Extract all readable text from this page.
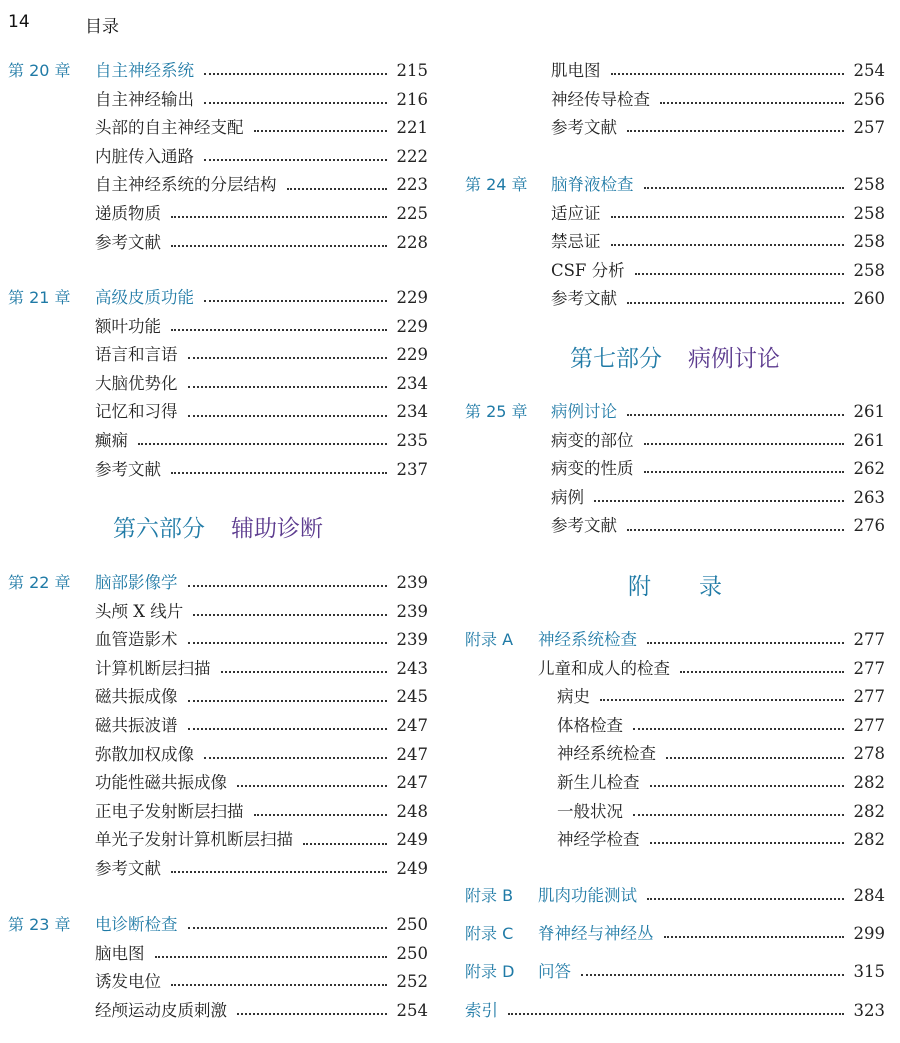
14	目录
第六部分 辅助诊断
第七部分 病例讨论
附 录
第 20 章 自主神经系统	215
自主神经输出	216
头部的自主神经支配	221
内脏传入通路	222
自主神经系统的分层结构	223
递质物质	225
参考文献	228
第 21 章 高级皮质功能	229
额叶功能	229
语言和言语	229
大脑优势化	234
记忆和习得	234
癫痫	235
参考文献	237
第 22 章 脑部影像学	239
头颅 X 线片	239
血管造影术	239
计算机断层扫描	243
磁共振成像	245
磁共振波谱	247
弥散加权成像	247
功能性磁共振成像	247
正电子发射断层扫描	248
单光子发射计算机断层扫描	249
参考文献	249
第 23 章 电诊断检查	250
脑电图	250
诱发电位	252
经颅运动皮质刺激	254
肌电图	254
神经传导检查	256
参考文献	257
第 24 章 脑脊液检查	258
适应证	258
禁忌证	258
CSF 分析	258
参考文献	260
第 25 章 病例讨论	261
病变的部位	261
病变的性质	262
病例	263
参考文献	276
附录 A 神经系统检查	277
儿童和成人的检查	277
病史	277
体格检查	277
神经系统检查	278
新生儿检查	282
一般状况	282
神经学检查	282
附录 B 肌肉功能测试	284
附录 C 脊神经与神经丛	299
附录 D 问答	315
索引	323
